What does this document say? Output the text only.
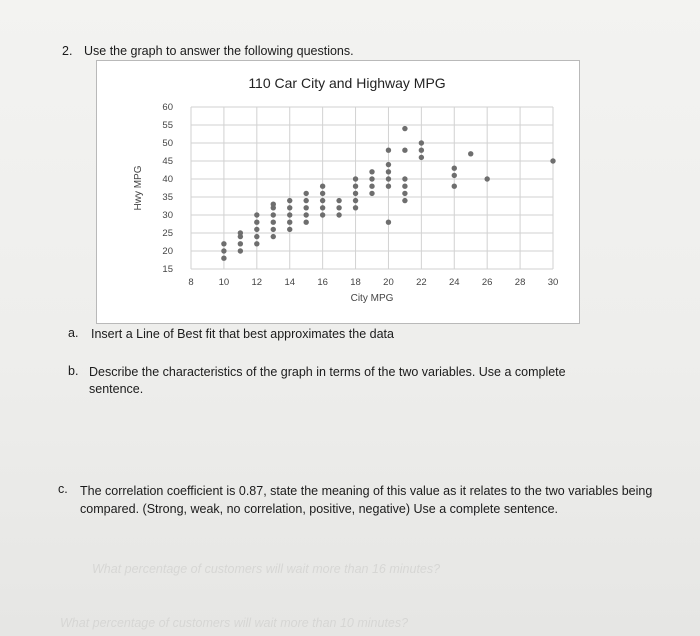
2. Use the graph to answer the following questions.
110 Car City and Highway MPG
60
55
50
45
40
35
30
25
20
15
8	10 12 14 16 18 20 22 24 26 28 30
Hwy MPG
City MPG
a. Insert a Line of Best fit that best approximates the data
b. Describe the characteristics of the graph in terms of the two variables. Use a complete sentence.
c. The correlation coefficient is 0.87, state the meaning of this value as it relates to the two variables being compared. (Strong, weak, no correlation, positive, negative) Use a complete sentence.
What percentage of customers will wait more than 16 minutes?
What percentage of customers will wait more than 10 minutes?
